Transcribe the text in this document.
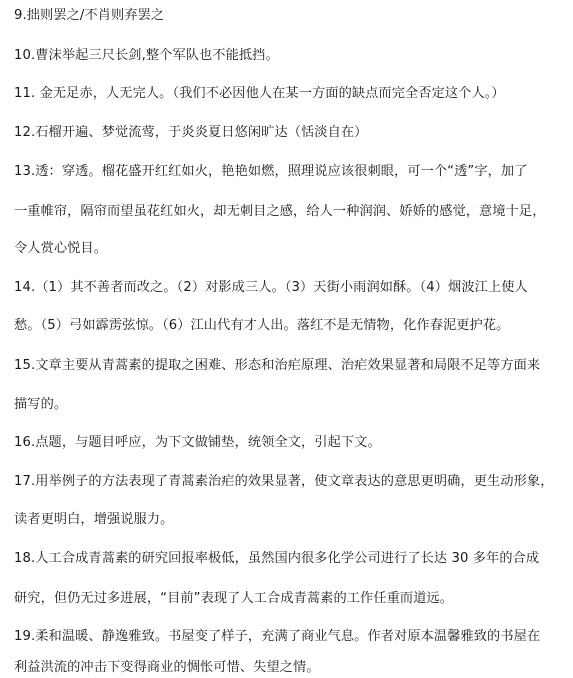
9.拙则罢之/不肖则弃罢之
10.曹沫举起三尺长剑,整个军队也不能抵挡。
11. 金无足赤，人无完人。（我们不必因他人在某一方面的缺点而完全否定这个人。）
12.石榴开遍、梦觉流莺，于炎炎夏日悠闲旷达（恬淡自在）
13.透：穿透。榴花盛开红红如火，艳艳如燃，照理说应该很刺眼，可一个“透”字，加了
一重帷帘，隔帘而望虽花红如火，却无刺目之感，给人一种润润、娇娇的感觉，意境十足，
令人赏心悦目。
14.（1）其不善者而改之。（2）对影成三人。（3）天街小雨润如酥。（4）烟波江上使人
愁。（5）弓如霹雳弦惊。（6）江山代有才人出。落红不是无情物，化作春泥更护花。
15.文章主要从青蒿素的提取之困难、形态和治疟原理、治疟效果显著和局限不足等方面来
描写的。
16.点题，与题目呼应，为下文做铺垫，统领全文，引起下文。
17.用举例子的方法表现了青蒿素治疟的效果显著，使文章表达的意思更明确，更生动形象，
读者更明白，增强说服力。
18.人工合成青蒿素的研究回报率极低，虽然国内很多化学公司进行了长达 30 多年的合成
研究，但仍无过多进展，“目前”表现了人工合成青蒿素的工作任重而道远。
19.柔和温暖、静逸雅致。书屋变了样子，充满了商业气息。作者对原本温馨雅致的书屋在
利益洪流的冲击下变得商业的惆怅可惜、失望之情。
